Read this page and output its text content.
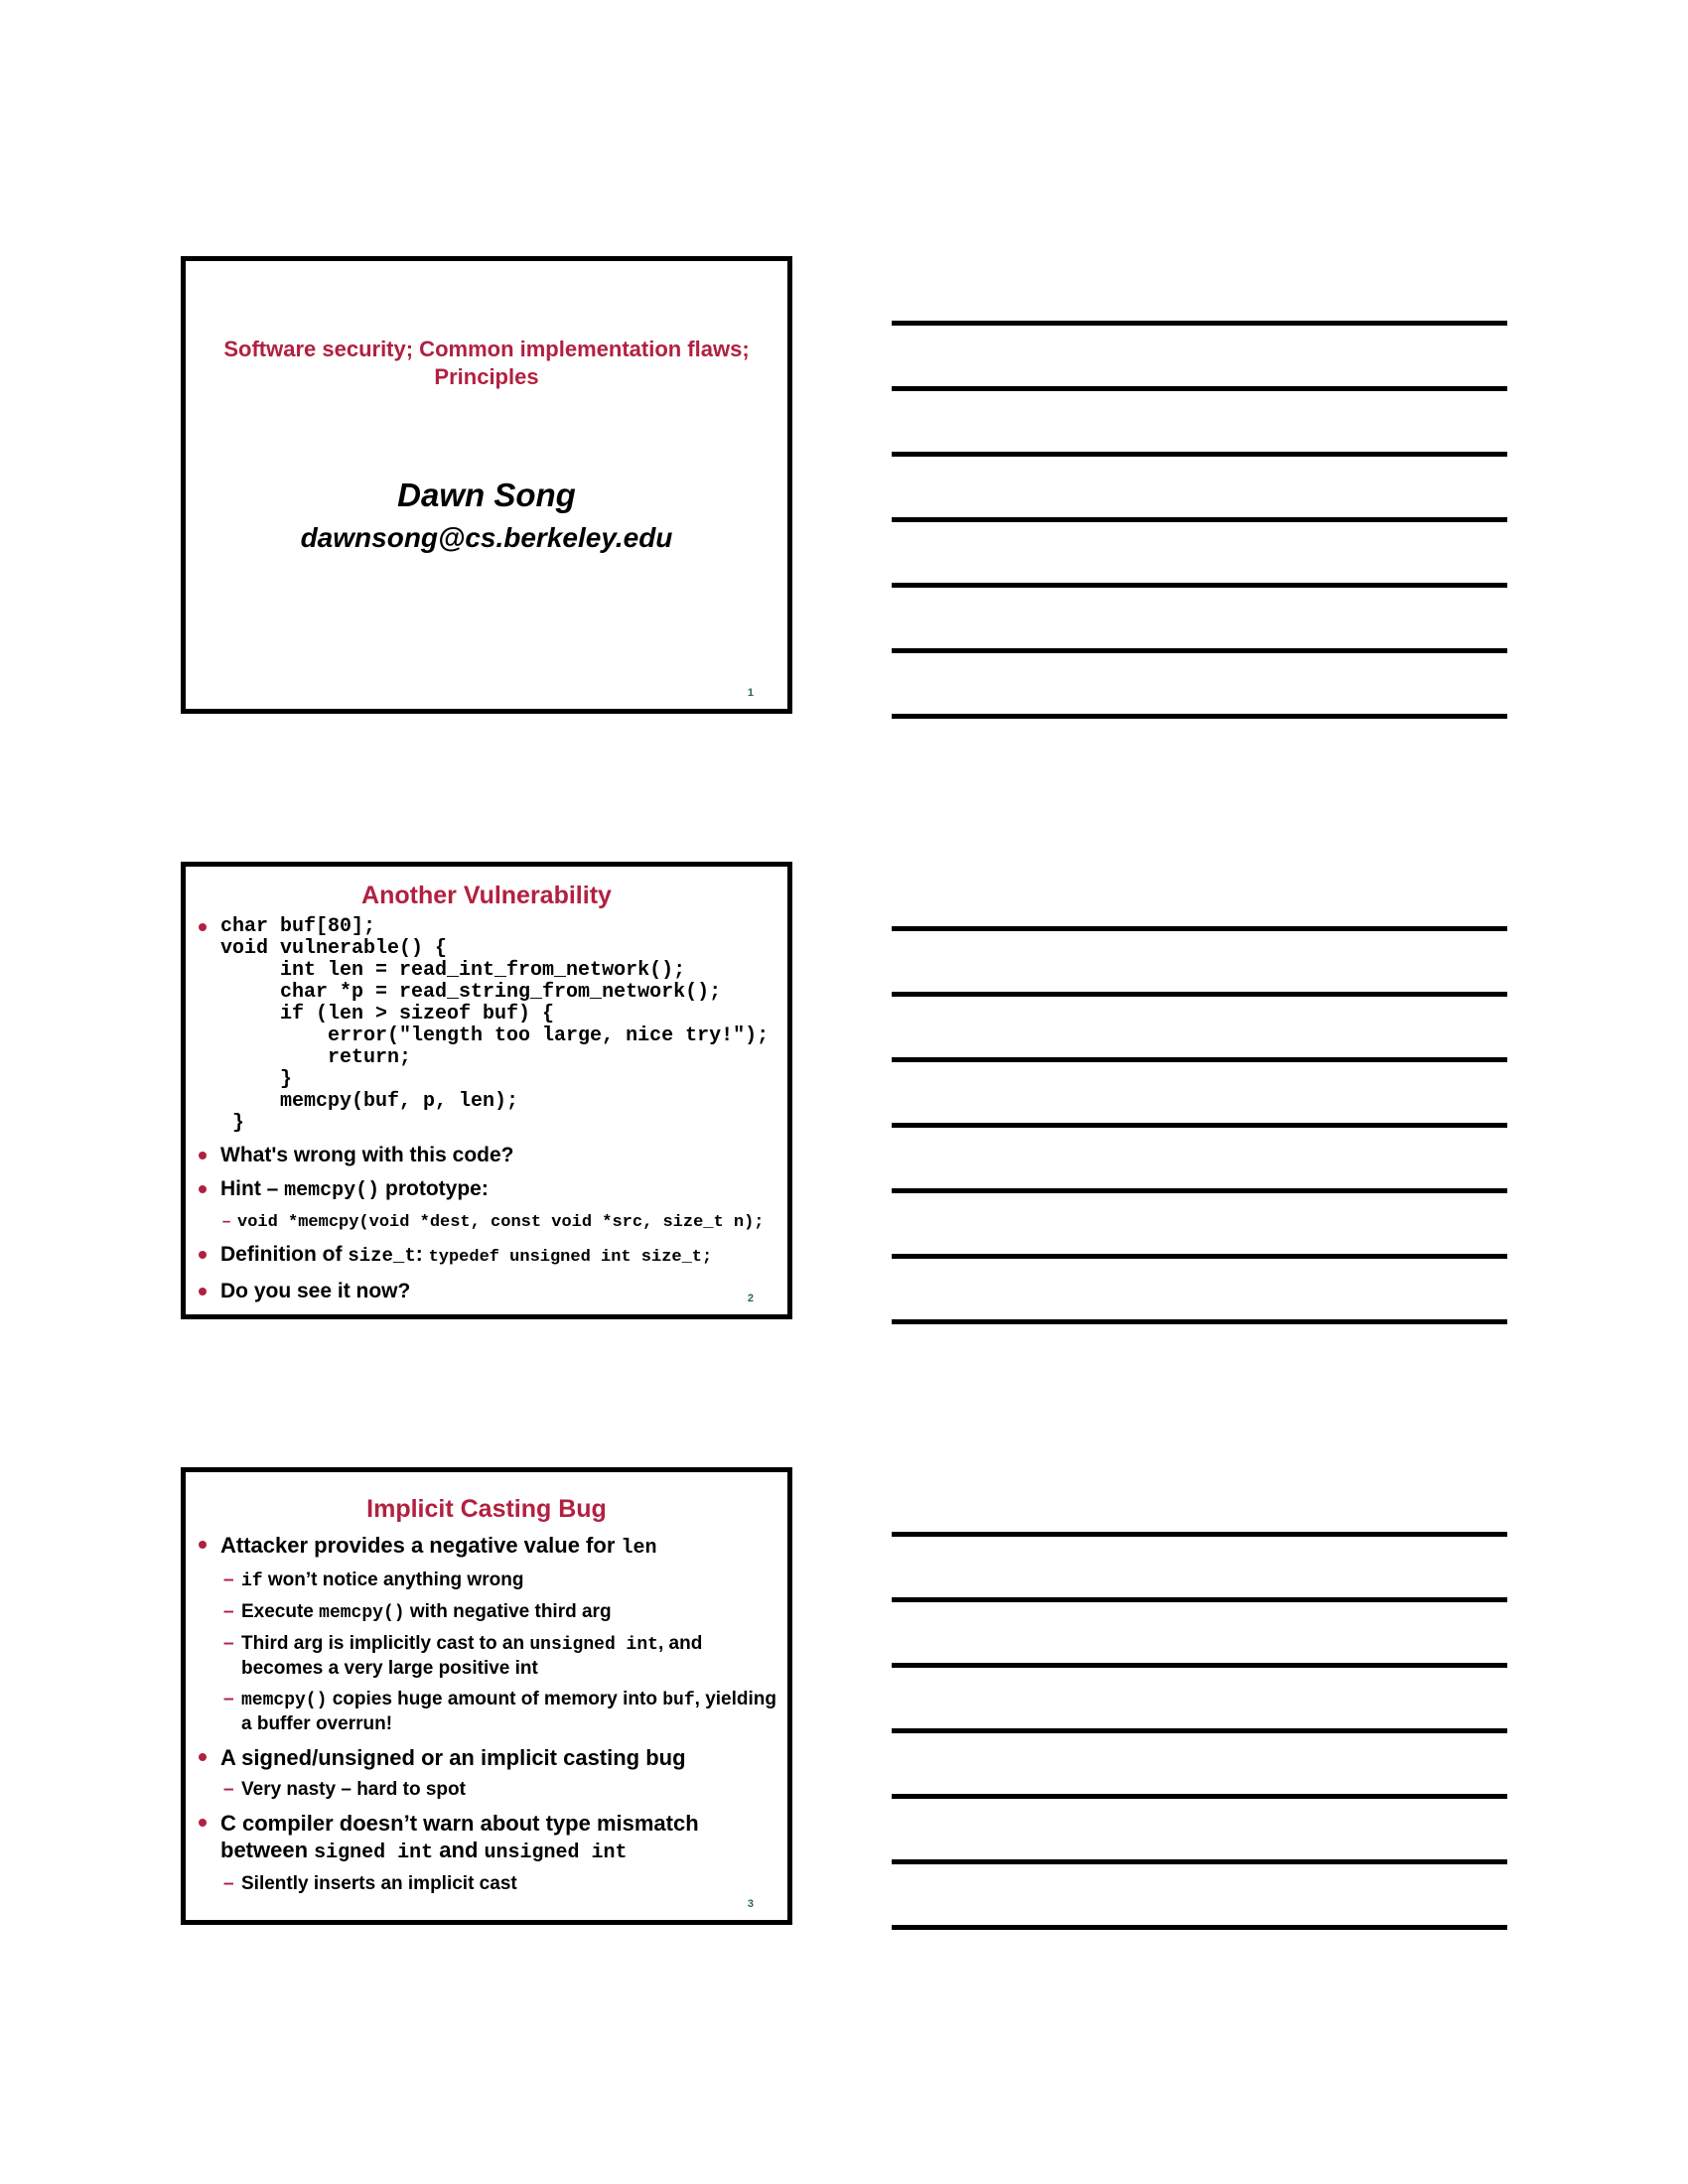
Software security; Common implementation flaws;
Principles
Dawn Song
dawnsong@cs.berkeley.edu
1
Another Vulnerability
char buf[80];
void vulnerable() {
int len = read_int_from_network();
char *p = read_string_from_network();
if (len > sizeof buf) {
error("length too large, nice try!");
return;
}
memcpy(buf, p, len);
}
What's wrong with this code?
Hint – memcpy() prototype:
– void *memcpy(void *dest, const void *src, size_t n);
Definition of size_t: typedef unsigned int size_t;
Do you see it now?	2
Implicit Casting Bug
Attacker provides a negative value for len
– if won’t notice anything wrong
– Execute memcpy() with negative third arg
– Third arg is implicitly cast to an unsigned int, and becomes a very large positive int
– memcpy() copies huge amount of memory into buf, yielding a buffer overrun!
A signed/unsigned or an implicit casting bug
– Very nasty – hard to spot
C compiler doesn’t warn about type mismatch between signed int and unsigned int
– Silently inserts an implicit cast
3
